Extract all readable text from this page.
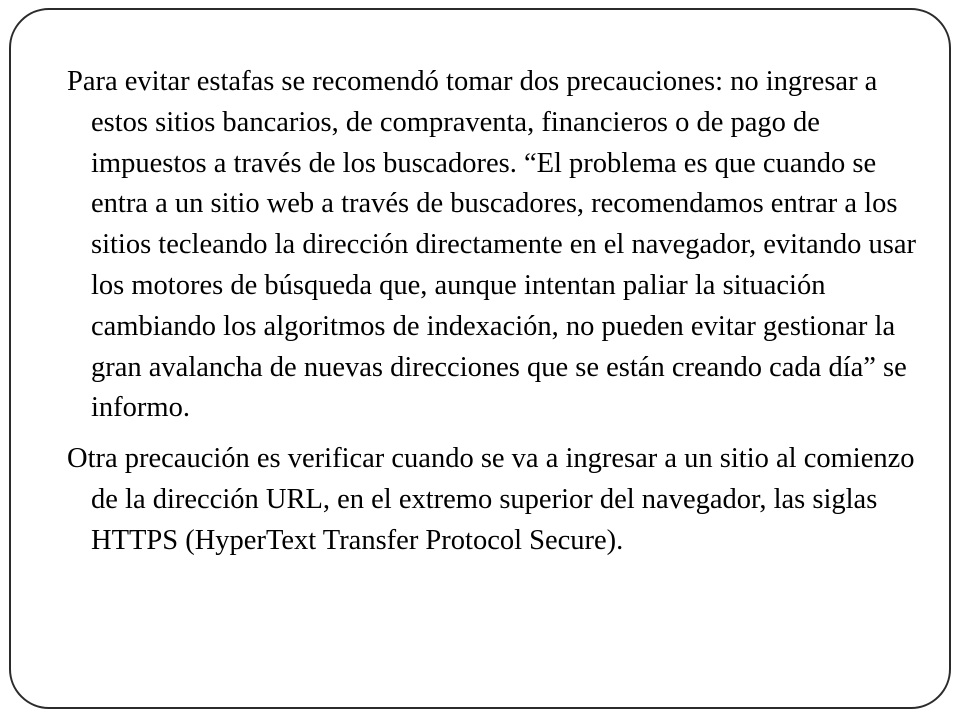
Para evitar estafas se recomendó tomar dos precauciones: no ingresar a estos sitios bancarios, de compraventa, financieros o de pago de impuestos a través de los buscadores. “El problema es que cuando se entra a un sitio web a través de buscadores, recomendamos entrar a los sitios tecleando la dirección directamente en el navegador, evitando usar los motores de búsqueda que, aunque intentan paliar la situación cambiando los algoritmos de indexación, no pueden evitar gestionar la gran avalancha de nuevas direcciones que se están creando cada día” se informo.

Otra precaución es verificar cuando se va a ingresar a un sitio al comienzo de la dirección URL, en el extremo superior del navegador, las siglas HTTPS (HyperText Transfer Protocol Secure).
